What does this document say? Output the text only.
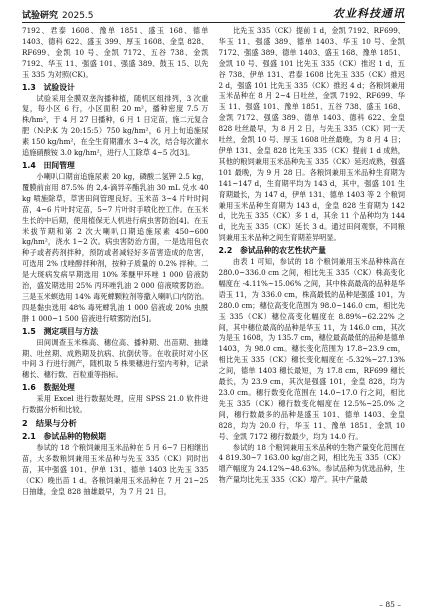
试验研究 2025.5	农业科技通讯

7192、君泰 1608、豫单 1851、盛玉 168、德单 1403、德科 622、盛玉 399、厚玉 1608、金皇 828、RF699、金凯 10 号、金凯 7172、五谷 738、金凯 7192、华玉 11、强盛 101、强盛 389、鼓玉 15、以先玉 335 为对照(CK)。

1.3　试验设计

试验采用全膜双垄沟播种植，随机区组排列，3 次重复，每小区 6 行，小区面积 20 m²，播种密度 7.5 万株/hm²，于 4 月 27 日播种，6 月 1 日定苗，施二元复合肥（N:P:K 为 20:15:5）750 kg/hm²，6 月上旬追施尿素 150 kg/hm²，在全生育期灌水 3~4 次，结合每次灌水追施硝酸铵 3.0 kg/hm²，进行人工除草 4~5 次[3]。

1.4　田间管理

小喇叭口期亩追施尿素 20 kg，磷酸二氢钾 2.5 kg，覆膜前亩用 87.5% 的 2,4-滴异辛酯乳油 30 mL 兑水 40 kg 喷施除草，草害田间管理良好。玉米苗 3~4 片叶时间苗，4~6 片叶时定苗，5~7 片叶时手喷化控工作。在玉米生长的中后期，使用植保无人机进行病虫害防治[4]。在玉米拔节期和第 2 次大喇叭口期追施尿素 450~600 kg/hm²，浇水 1~2 次。病虫害防治方面，一是选用包衣种子或者药剂拌种，预防或者减轻好多苗害造成的危害，可选用 2% 戊唑醇拌种剂，按种子质量的 0.2% 拌种。二是大斑病发病早期选用 10% 苯醚甲环唑 1 000 倍液防治，盛发期选用 25% 丙环唑乳油 2 000 倍液喷雾防治。三是玉米螟选用 14% 毒死蜱颗粒剂等撒入喇叭口内防治。四是黏虫选用 48% 毒死蜱乳油 1 000 倍液或 20% 虫酰肼 1 000~1 500 倍液进行喷雾防治[5]。

1.5　测定项目与方法

田间调查玉米株高、穗位高、播种期、出苗期、抽雄期、吐丝期、成熟期及抗病、抗倒伏等。在收获时对小区中间 3 行进行测产，随机取 5 株果穗进行室内考种，记录穗长、穗行数、百粒重等指标。

1.6　数据处理

采用 Excel 进行数据处理，应用 SPSS 21.0 软件进行数据分析和比较。

2　结果与分析
2.1　参试品种的物候期

参试的 18 个粮饲兼用玉米品种在 5 月 6~7 日相继出苗，大多数粮饲兼用玉米品种与先玉 335（CK）同时出苗，其中强盛 101、伊单 131、德单 1403 比先玉 335（CK）晚出苗 1 d。各粮饲兼用玉米品种在 7 月 21~25 日抽雄，金皇 828 抽雄最早，为 7 月 21 日，

比先玉 335（CK）提前 1 d，金凯 7192、RF699、华玉 11、强盛 389、德单 1403、华玉 10 号、金凯 7172、强盛 389、德单 1403、盛玉 168、豫单 1851、金凯 10 号、强盛 101 比先玉 335（CK）推迟 1 d，五谷 738、伊单 131、君泰 1608 比先玉 335（CK）推迟 2 d，强盛 101 比先玉 335（CK）推迟 4 d；各粮饲兼用玉米品种在 8 月 2~4 日吐丝，金凯 7192、RF699、华玉 11、强盛 101、豫单 1851、五谷 738、盛玉 168、金凯 7172、强盛 389、德单 1403、德科 622、金皇 828 吐丝最早，为 8 月 2 日，与先玉 335（CK）同一天吐丝，金凯 10 号、厚玉 1608 吐丝最晚，为 8 月 4 日；伊单 131、金皇 828 比先玉 335（CK）提前 1 d 成熟，其他的粮饲兼用玉米品种先玉 335（CK）延迟成熟，强盛 101 最晚，为 9 月 28 日。各粮饲兼用玉米品种生育期为 141~147 d，生育期平均为 143 d，其中，强盛 101 生育期最长，为 147 d，伊单 131、德单 1403 等 2 个粮饲兼用玉米品种生育期为 143 d，金皇 828 生育期为 142 d，比先玉 335（CK）多 1 d，其余 11 个品种均为 144 d，比先玉 335（CK）延长 3 d。通过田间观察，不同粮饲兼用玉米品种之间生育期差异明显。

2.2　参试品种的农艺性状产量

由表 1 可知，参试的 18 个粮饲兼用玉米品种株高在 280.0~336.0 cm 之间，相比先玉 335（CK）株高变化幅度在 -4.11%~15.06% 之间，其中株高最高的品种是华语玉 11，为 336.0 cm，株高最低的品种是强盛 101，为 280.0 cm；穗位高变化范围为 98.0~146.0 cm，相比先玉 335（CK）穗位高变化幅度在 8.89%~62.22% 之间，其中穗位最高的品种是华玉 11，为 146.0 cm，其次为是玉 1608，为 135.7 cm，穗位最高最低的品种是德单 1403，为 98.0 cm。穗长变化范围为 17.8~23.9 cm，相比先玉 335（CK）穗长变化幅度在 -5.32%~27.13% 之间，德单 1403 穗长最短，为 17.8 cm，RF699 穗长最长，为 23.9 cm，其次是强盛 101，金皇 828，均为 23.0 cm。穗行数变化范围在 14.0~17.0 行之间，相比先玉 335（CK）穗行数变化幅度在 12.5%~25.0% 之间，穗行数最多的品种是盛玉 101、德单 1403、金皇 828，均为 20.0 行，华玉 11、豫单 1851、金凯 10 号、金凯 7172 穗行数最少，均为 14.0 行。

参试的 18 个粮饲兼用玉米品种的生物产量变化范围在 4 819.30~7 163.00 kg/亩之间，相比先玉 335（CK）增产幅度为 24.12%~48.63%。参试品种为优选品种，生物产量均比先玉 335（CK）增产。其中产量最

– 85 –
